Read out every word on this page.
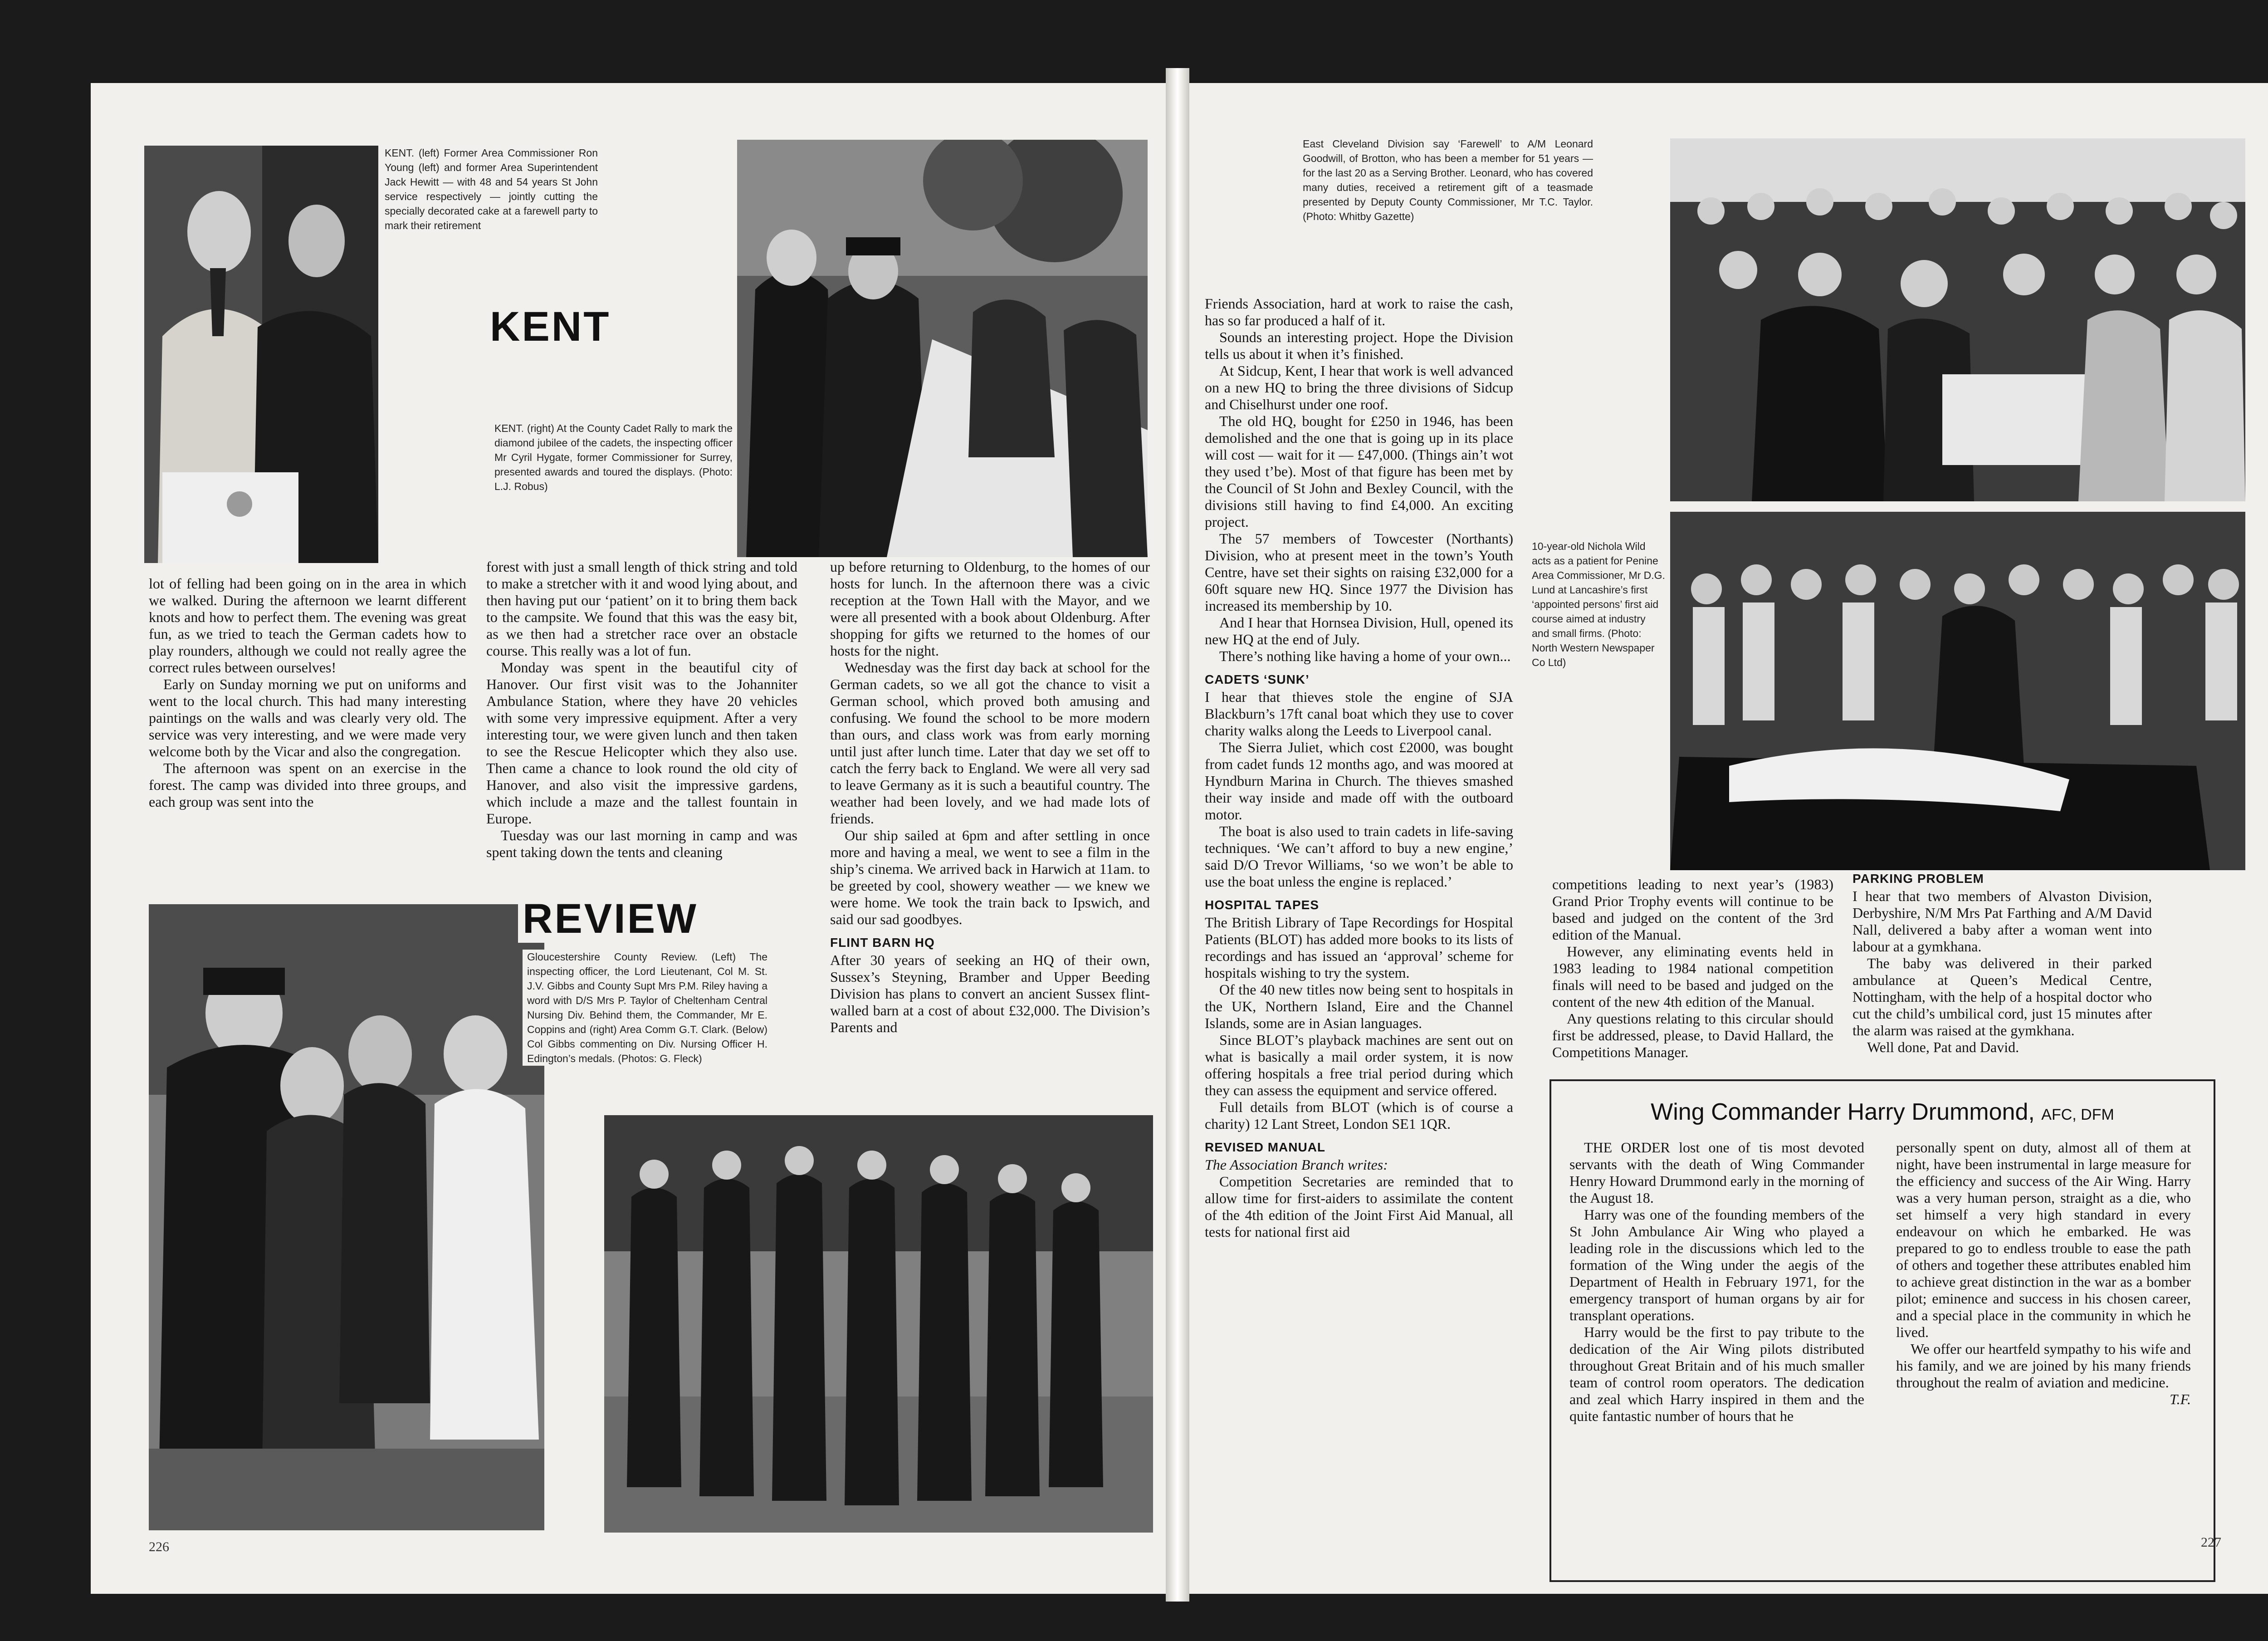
KENT. (left) Former Area Commissioner Ron Young (left) and former Area Superintendent Jack Hewitt — with 48 and 54 years St John service respectively — jointly cutting the specially decorated cake at a farewell party to mark their retirement
KENT
KENT. (right) At the County Cadet Rally to mark the diamond jubilee of the cadets, the inspecting officer Mr Cyril Hygate, former Commissioner for Surrey, presented awards and toured the displays. (Photo: L.J. Robus)

lot of felling had been going on in the area in which we walked. During the afternoon we learnt different knots and how to perfect them. The evening was great fun, as we tried to teach the German cadets how to play rounders, although we could not really agree the correct rules between ourselves!

Early on Sunday morning we put on uniforms and went to the local church. This had many interesting paintings on the walls and was clearly very old. The service was very interesting, and we were made very welcome both by the Vicar and also the congregation.

The afternoon was spent on an exercise in the forest. The camp was divided into three groups, and each group was sent into the

forest with just a small length of thick string and told to make a stretcher with it and wood lying about, and then having put our ‘patient’ on it to bring them back to the campsite. We found that this was the easy bit, as we then had a stretcher race over an obstacle course. This really was a lot of fun.

Monday was spent in the beautiful city of Hanover. Our first visit was to the Johanniter Ambulance Station, where they have 20 vehicles with some very impressive equipment. After a very interesting tour, we were given lunch and then taken to see the Rescue Helicopter which they also use. Then came a chance to look round the old city of Hanover, and also visit the impressive gardens, which include a maze and the tallest fountain in Europe.

Tuesday was our last morning in camp and was spent taking down the tents and cleaning

up before returning to Oldenburg, to the homes of our hosts for lunch. In the afternoon there was a civic reception at the Town Hall with the Mayor, and we were all presented with a book about Oldenburg. After shopping for gifts we returned to the homes of our hosts for the night.

Wednesday was the first day back at school for the German cadets, so we all got the chance to visit a German school, which proved both amusing and confusing. We found the school to be more modern than ours, and class work was from early morning until just after lunch time. Later that day we set off to catch the ferry back to England. We were all very sad to leave Germany as it is such a beautiful country. The weather had been lovely, and we had made lots of friends.

Our ship sailed at 6pm and after settling in once more and having a meal, we went to see a film in the ship’s cinema. We arrived back in Harwich at 11am. to be greeted by cool, showery weather — we knew we were home. We took the train back to Ipswich, and said our sad goodbyes.

FLINT BARN HQ

After 30 years of seeking an HQ of their own, Sussex’s Steyning, Bramber and Upper Beeding Division has plans to convert an ancient Sussex flint-walled barn at a cost of about £32,000. The Division’s Parents and

REVIEW
Gloucestershire County Review. (Left) The inspecting officer, the Lord Lieutenant, Col M. St. J.V. Gibbs and County Supt Mrs P.M. Riley having a word with D/S Mrs P. Taylor of Cheltenham Central Nursing Div. Behind them, the Commander, Mr E. Coppins and (right) Area Comm G.T. Clark. (Below) Col Gibbs commenting on Div. Nursing Officer H. Edington’s medals. (Photos: G. Fleck)
226
East Cleveland Division say ‘Farewell’ to A/M Leonard Goodwill, of Brotton, who has been a member for 51 years — for the last 20 as a Serving Brother. Leonard, who has covered many duties, received a retirement gift of a teasmade presented by Deputy County Commissioner, Mr T.C. Taylor. (Photo: Whitby Gazette)
10-year-old Nichola Wild acts as a patient for Penine Area Commissioner, Mr D.G. Lund at Lancashire’s first ‘appointed persons’ first aid course aimed at industry and small firms. (Photo: North Western Newspaper Co Ltd)

Friends Association, hard at work to raise the cash, has so far produced a half of it.

Sounds an interesting project. Hope the Division tells us about it when it’s finished.

At Sidcup, Kent, I hear that work is well advanced on a new HQ to bring the three divisions of Sidcup and Chiselhurst under one roof.

The old HQ, bought for £250 in 1946, has been demolished and the one that is going up in its place will cost — wait for it — £47,000. (Things ain’t wot they used t’be). Most of that figure has been met by the Council of St John and Bexley Council, with the divisions still having to find £4,000. An exciting project.

The 57 members of Towcester (Northants) Division, who at present meet in the town’s Youth Centre, have set their sights on raising £32,000 for a 60ft square new HQ. Since 1977 the Division has increased its membership by 10.

And I hear that Hornsea Division, Hull, opened its new HQ at the end of July.

There’s nothing like having a home of your own...

CADETS ‘SUNK’

I hear that thieves stole the engine of SJA Blackburn’s 17ft canal boat which they use to cover charity walks along the Leeds to Liverpool canal.

The Sierra Juliet, which cost £2000, was bought from cadet funds 12 months ago, and was moored at Hyndburn Marina in Church. The thieves smashed their way inside and made off with the outboard motor.

The boat is also used to train cadets in life-saving techniques. ‘We can’t afford to buy a new engine,’ said D/O Trevor Williams, ‘so we won’t be able to use the boat unless the engine is replaced.’

HOSPITAL TAPES

The British Library of Tape Recordings for Hospital Patients (BLOT) has added more books to its lists of recordings and has issued an ‘approval’ scheme for hospitals wishing to try the system.

Of the 40 new titles now being sent to hospitals in the UK, Northern Island, Eire and the Channel Islands, some are in Asian languages.

Since BLOT’s playback machines are sent out on what is basically a mail order system, it is now offering hospitals a free trial period during which they can assess the equipment and service offered.

Full details from BLOT (which is of course a charity) 12 Lant Street, London SE1 1QR.

REVISED MANUAL

The Association Branch writes:

Competition Secretaries are reminded that to allow time for first-aiders to assimilate the content of the 4th edition of the Joint First Aid Manual, all tests for national first aid

competitions leading to next year’s (1983) Grand Prior Trophy events will continue to be based and judged on the content of the 3rd edition of the Manual.

However, any eliminating events held in 1983 leading to 1984 national competition finals will need to be based and judged on the content of the new 4th edition of the Manual.

Any questions relating to this circular should first be addressed, please, to David Hallard, the Competitions Manager.

PARKING PROBLEM

I hear that two members of Alvaston Division, Derbyshire, N/M Mrs Pat Farthing and A/M David Nall, delivered a baby after a woman went into labour at a gymkhana.

The baby was delivered in their parked ambulance at Queen’s Medical Centre, Nottingham, with the help of a hospital doctor who cut the child’s umbilical cord, just 15 minutes after the alarm was raised at the gymkhana.

Well done, Pat and David.

Wing Commander Harry Drummond, AFC, DFM

THE ORDER lost one of tis most devoted servants with the death of Wing Commander Henry Howard Drummond early in the morning of the August 18.

Harry was one of the founding members of the St John Ambulance Air Wing who played a leading role in the discussions which led to the formation of the Wing under the aegis of the Department of Health in February 1971, for the emergency transport of human organs by air for transplant operations.

Harry would be the first to pay tribute to the dedication of the Air Wing pilots distributed throughout Great Britain and of his much smaller team of control room operators. The dedication and zeal which Harry inspired in them and the quite fantastic number of hours that he

personally spent on duty, almost all of them at night, have been instrumental in large measure for the efficiency and success of the Air Wing. Harry was a very human person, straight as a die, who set himself a very high standard in every endeavour on which he embarked. He was prepared to go to endless trouble to ease the path of others and together these attributes enabled him to achieve great distinction in the war as a bomber pilot; eminence and success in his chosen career, and a special place in the community in which he lived.

We offer our heartfeld sympathy to his wife and his family, and we are joined by his many friends throughout the realm of aviation and medicine.

T.F.

227
